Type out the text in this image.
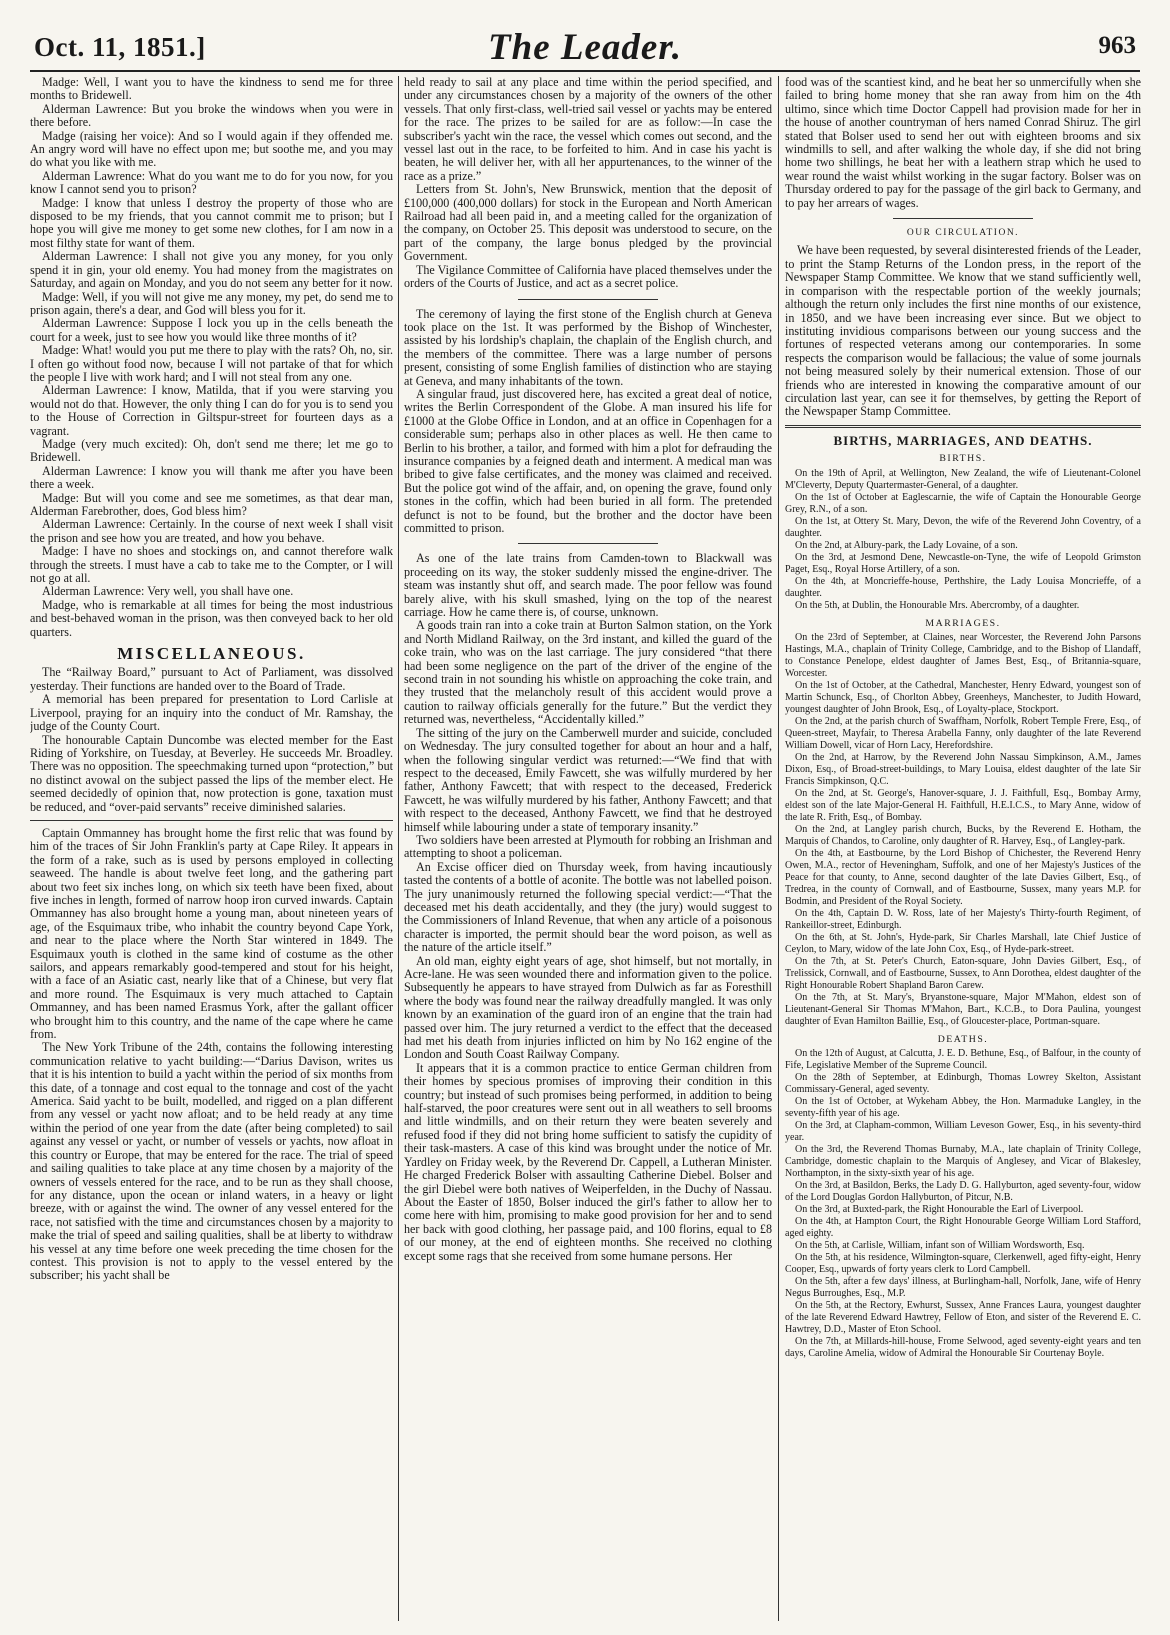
Oct. 11, 1851.]	The Leader.	963

Madge: Well, I want you to have the kindness to send me for three months to Bridewell.

Alderman Lawrence: But you broke the windows when you were in there before.

Madge (raising her voice): And so I would again if they offended me. An angry word will have no effect upon me; but soothe me, and you may do what you like with me.

Alderman Lawrence: What do you want me to do for you now, for you know I cannot send you to prison?

Madge: I know that unless I destroy the property of those who are disposed to be my friends, that you cannot commit me to prison; but I hope you will give me money to get some new clothes, for I am now in a most filthy state for want of them.

Alderman Lawrence: I shall not give you any money, for you only spend it in gin, your old enemy. You had money from the magistrates on Saturday, and again on Monday, and you do not seem any better for it now.

Madge: Well, if you will not give me any money, my pet, do send me to prison again, there's a dear, and God will bless you for it.

Alderman Lawrence: Suppose I lock you up in the cells beneath the court for a week, just to see how you would like three months of it?

Madge: What! would you put me there to play with the rats? Oh, no, sir. I often go without food now, because I will not partake of that for which the people I live with work hard; and I will not steal from any one.

Alderman Lawrence: I know, Matilda, that if you were starving you would not do that. However, the only thing I can do for you is to send you to the House of Correction in Giltspur-street for fourteen days as a vagrant.

Madge (very much excited): Oh, don't send me there; let me go to Bridewell.

Alderman Lawrence: I know you will thank me after you have been there a week.

Madge: But will you come and see me sometimes, as that dear man, Alderman Farebrother, does, God bless him?

Alderman Lawrence: Certainly. In the course of next week I shall visit the prison and see how you are treated, and how you behave.

Madge: I have no shoes and stockings on, and cannot therefore walk through the streets. I must have a cab to take me to the Compter, or I will not go at all.

Alderman Lawrence: Very well, you shall have one.

Madge, who is remarkable at all times for being the most industrious and best-behaved woman in the prison, was then conveyed back to her old quarters.

MISCELLANEOUS.

The “Railway Board,” pursuant to Act of Parliament, was dissolved yesterday. Their functions are handed over to the Board of Trade.

A memorial has been prepared for presentation to Lord Carlisle at Liverpool, praying for an inquiry into the conduct of Mr. Ramshay, the judge of the County Court.

The honourable Captain Duncombe was elected member for the East Riding of Yorkshire, on Tuesday, at Beverley. He succeeds Mr. Broadley. There was no opposition. The speechmaking turned upon “protection,” but no distinct avowal on the subject passed the lips of the member elect. He seemed decidedly of opinion that, now protection is gone, taxation must be reduced, and “over-paid servants” receive diminished salaries.

Captain Ommanney has brought home the first relic that was found by him of the traces of Sir John Franklin's party at Cape Riley. It appears in the form of a rake, such as is used by persons employed in collecting seaweed. The handle is about twelve feet long, and the gathering part about two feet six inches long, on which six teeth have been fixed, about five inches in length, formed of narrow hoop iron curved inwards. Captain Ommanney has also brought home a young man, about nineteen years of age, of the Esquimaux tribe, who inhabit the country beyond Cape York, and near to the place where the North Star wintered in 1849. The Esquimaux youth is clothed in the same kind of costume as the other sailors, and appears remarkably good-tempered and stout for his height, with a face of an Asiatic cast, nearly like that of a Chinese, but very flat and more round. The Esquimaux is very much attached to Captain Ommanney, and has been named Erasmus York, after the gallant officer who brought him to this country, and the name of the cape where he came from.

The New York Tribune of the 24th, contains the following interesting communication relative to yacht building:—“Darius Davison, writes us that it is his intention to build a yacht within the period of six months from this date, of a tonnage and cost equal to the tonnage and cost of the yacht America. Said yacht to be built, modelled, and rigged on a plan different from any vessel or yacht now afloat; and to be held ready at any time within the period of one year from the date (after being completed) to sail against any vessel or yacht, or number of vessels or yachts, now afloat in this country or Europe, that may be entered for the race. The trial of speed and sailing qualities to take place at any time chosen by a majority of the owners of vessels entered for the race, and to be run as they shall choose, for any distance, upon the ocean or inland waters, in a heavy or light breeze, with or against the wind. The owner of any vessel entered for the race, not satisfied with the time and circumstances chosen by a majority to make the trial of speed and sailing qualities, shall be at liberty to withdraw his vessel at any time before one week preceding the time chosen for the contest. This provision is not to apply to the vessel entered by the subscriber; his yacht shall be

held ready to sail at any place and time within the period specified, and under any circumstances chosen by a majority of the owners of the other vessels. That only first-class, well-tried sail vessel or yachts may be entered for the race. The prizes to be sailed for are as follow:—In case the subscriber's yacht win the race, the vessel which comes out second, and the vessel last out in the race, to be forfeited to him. And in case his yacht is beaten, he will deliver her, with all her appurtenances, to the winner of the race as a prize.”

Letters from St. John's, New Brunswick, mention that the deposit of £100,000 (400,000 dollars) for stock in the European and North American Railroad had all been paid in, and a meeting called for the organization of the company, on October 25. This deposit was understood to secure, on the part of the company, the large bonus pledged by the provincial Government.

The Vigilance Committee of California have placed themselves under the orders of the Courts of Justice, and act as a secret police.

The ceremony of laying the first stone of the English church at Geneva took place on the 1st. It was performed by the Bishop of Winchester, assisted by his lordship's chaplain, the chaplain of the English church, and the members of the committee. There was a large number of persons present, consisting of some English families of distinction who are staying at Geneva, and many inhabitants of the town.

A singular fraud, just discovered here, has excited a great deal of notice, writes the Berlin Correspondent of the Globe. A man insured his life for £1000 at the Globe Office in London, and at an office in Copenhagen for a considerable sum; perhaps also in other places as well. He then came to Berlin to his brother, a tailor, and formed with him a plot for defrauding the insurance companies by a feigned death and interment. A medical man was bribed to give false certificates, and the money was claimed and received. But the police got wind of the affair, and, on opening the grave, found only stones in the coffin, which had been buried in all form. The pretended defunct is not to be found, but the brother and the doctor have been committed to prison.

As one of the late trains from Camden-town to Blackwall was proceeding on its way, the stoker suddenly missed the engine-driver. The steam was instantly shut off, and search made. The poor fellow was found barely alive, with his skull smashed, lying on the top of the nearest carriage. How he came there is, of course, unknown.

A goods train ran into a coke train at Burton Salmon station, on the York and North Midland Railway, on the 3rd instant, and killed the guard of the coke train, who was on the last carriage. The jury considered “that there had been some negligence on the part of the driver of the engine of the second train in not sounding his whistle on approaching the coke train, and they trusted that the melancholy result of this accident would prove a caution to railway officials generally for the future.” But the verdict they returned was, nevertheless, “Accidentally killed.”

The sitting of the jury on the Camberwell murder and suicide, concluded on Wednesday. The jury consulted together for about an hour and a half, when the following singular verdict was returned:—“We find that with respect to the deceased, Emily Fawcett, she was wilfully murdered by her father, Anthony Fawcett; that with respect to the deceased, Frederick Fawcett, he was wilfully murdered by his father, Anthony Fawcett; and that with respect to the deceased, Anthony Fawcett, we find that he destroyed himself while labouring under a state of temporary insanity.”

Two soldiers have been arrested at Plymouth for robbing an Irishman and attempting to shoot a policeman.

An Excise officer died on Thursday week, from having incautiously tasted the contents of a bottle of aconite. The bottle was not labelled poison. The jury unanimously returned the following special verdict:—“That the deceased met his death accidentally, and they (the jury) would suggest to the Commissioners of Inland Revenue, that when any article of a poisonous character is imported, the permit should bear the word poison, as well as the nature of the article itself.”

An old man, eighty eight years of age, shot himself, but not mortally, in Acre-lane. He was seen wounded there and information given to the police. Subsequently he appears to have strayed from Dulwich as far as Foresthill where the body was found near the railway dreadfully mangled. It was only known by an examination of the guard iron of an engine that the train had passed over him. The jury returned a verdict to the effect that the deceased had met his death from injuries inflicted on him by No 162 engine of the London and South Coast Railway Company.

It appears that it is a common practice to entice German children from their homes by specious promises of improving their condition in this country; but instead of such promises being performed, in addition to being half-starved, the poor creatures were sent out in all weathers to sell brooms and little windmills, and on their return they were beaten severely and refused food if they did not bring home sufficient to satisfy the cupidity of their task-masters. A case of this kind was brought under the notice of Mr. Yardley on Friday week, by the Reverend Dr. Cappell, a Lutheran Minister. He charged Frederick Bolser with assaulting Catherine Diebel. Bolser and the girl Diebel were both natives of Weiperfelden, in the Duchy of Nassau. About the Easter of 1850, Bolser induced the girl's father to allow her to come here with him, promising to make good provision for her and to send her back with good clothing, her passage paid, and 100 florins, equal to £8 of our money, at the end of eighteen months. She received no clothing except some rags that she received from some humane persons. Her

food was of the scantiest kind, and he beat her so unmercifully when she failed to bring home money that she ran away from him on the 4th ultimo, since which time Doctor Cappell had provision made for her in the house of another countryman of hers named Conrad Shiruz. The girl stated that Bolser used to send her out with eighteen brooms and six windmills to sell, and after walking the whole day, if she did not bring home two shillings, he beat her with a leathern strap which he used to wear round the waist whilst working in the sugar factory. Bolser was on Thursday ordered to pay for the passage of the girl back to Germany, and to pay her arrears of wages.

OUR CIRCULATION.

We have been requested, by several disinterested friends of the Leader, to print the Stamp Returns of the London press, in the report of the Newspaper Stamp Committee. We know that we stand sufficiently well, in comparison with the respectable portion of the weekly journals; although the return only includes the first nine months of our existence, in 1850, and we have been increasing ever since. But we object to instituting invidious comparisons between our young success and the fortunes of respected veterans among our contemporaries. In some respects the comparison would be fallacious; the value of some journals not being measured solely by their numerical extension. Those of our friends who are interested in knowing the comparative amount of our circulation last year, can see it for themselves, by getting the Report of the Newspaper Stamp Committee.

BIRTHS, MARRIAGES, AND DEATHS.
BIRTHS.

On the 19th of April, at Wellington, New Zealand, the wife of Lieutenant-Colonel M'Cleverty, Deputy Quartermaster-General, of a daughter.

On the 1st of October at Eaglescarnie, the wife of Captain the Honourable George Grey, R.N., of a son.

On the 1st, at Ottery St. Mary, Devon, the wife of the Reverend John Coventry, of a daughter.

On the 2nd, at Albury-park, the Lady Lovaine, of a son.

On the 3rd, at Jesmond Dene, Newcastle-on-Tyne, the wife of Leopold Grimston Paget, Esq., Royal Horse Artillery, of a son.

On the 4th, at Moncrieffe-house, Perthshire, the Lady Louisa Moncrieffe, of a daughter.

On the 5th, at Dublin, the Honourable Mrs. Abercromby, of a daughter.

MARRIAGES.

On the 23rd of September, at Claines, near Worcester, the Reverend John Parsons Hastings, M.A., chaplain of Trinity College, Cambridge, and to the Bishop of Llandaff, to Constance Penelope, eldest daughter of James Best, Esq., of Britannia-square, Worcester.

On the 1st of October, at the Cathedral, Manchester, Henry Edward, youngest son of Martin Schunck, Esq., of Chorlton Abbey, Greenheys, Manchester, to Judith Howard, youngest daughter of John Brook, Esq., of Loyalty-place, Stockport.

On the 2nd, at the parish church of Swaffham, Norfolk, Robert Temple Frere, Esq., of Queen-street, Mayfair, to Theresa Arabella Fanny, only daughter of the late Reverend William Dowell, vicar of Horn Lacy, Herefordshire.

On the 2nd, at Harrow, by the Reverend John Nassau Simpkinson, A.M., James Dixon, Esq., of Broad-street-buildings, to Mary Louisa, eldest daughter of the late Sir Francis Simpkinson, Q.C.

On the 2nd, at St. George's, Hanover-square, J. J. Faithfull, Esq., Bombay Army, eldest son of the late Major-General H. Faithfull, H.E.I.C.S., to Mary Anne, widow of the late R. Frith, Esq., of Bombay.

On the 2nd, at Langley parish church, Bucks, by the Reverend E. Hotham, the Marquis of Chandos, to Caroline, only daughter of R. Harvey, Esq., of Langley-park.

On the 4th, at Eastbourne, by the Lord Bishop of Chichester, the Reverend Henry Owen, M.A., rector of Heveningham, Suffolk, and one of her Majesty's Justices of the Peace for that county, to Anne, second daughter of the late Davies Gilbert, Esq., of Tredrea, in the county of Cornwall, and of Eastbourne, Sussex, many years M.P. for Bodmin, and President of the Royal Society.

On the 4th, Captain D. W. Ross, late of her Majesty's Thirty-fourth Regiment, of Rankeillor-street, Edinburgh.

On the 6th, at St. John's, Hyde-park, Sir Charles Marshall, late Chief Justice of Ceylon, to Mary, widow of the late John Cox, Esq., of Hyde-park-street.

On the 7th, at St. Peter's Church, Eaton-square, John Davies Gilbert, Esq., of Trelissick, Cornwall, and of Eastbourne, Sussex, to Ann Dorothea, eldest daughter of the Right Honourable Robert Shapland Baron Carew.

On the 7th, at St. Mary's, Bryanstone-square, Major M'Mahon, eldest son of Lieutenant-General Sir Thomas M'Mahon, Bart., K.C.B., to Dora Paulina, youngest daughter of Evan Hamilton Baillie, Esq., of Gloucester-place, Portman-square.

DEATHS.

On the 12th of August, at Calcutta, J. E. D. Bethune, Esq., of Balfour, in the county of Fife, Legislative Member of the Supreme Council.

On the 28th of September, at Edinburgh, Thomas Lowrey Skelton, Assistant Commissary-General, aged seventy.

On the 1st of October, at Wykeham Abbey, the Hon. Marmaduke Langley, in the seventy-fifth year of his age.

On the 3rd, at Clapham-common, William Leveson Gower, Esq., in his seventy-third year.

On the 3rd, the Reverend Thomas Burnaby, M.A., late chaplain of Trinity College, Cambridge, domestic chaplain to the Marquis of Anglesey, and Vicar of Blakesley, Northampton, in the sixty-sixth year of his age.

On the 3rd, at Basildon, Berks, the Lady D. G. Hallyburton, aged seventy-four, widow of the Lord Douglas Gordon Hallyburton, of Pitcur, N.B.

On the 3rd, at Buxted-park, the Right Honourable the Earl of Liverpool.

On the 4th, at Hampton Court, the Right Honourable George William Lord Stafford, aged eighty.

On the 5th, at Carlisle, William, infant son of William Wordsworth, Esq.

On the 5th, at his residence, Wilmington-square, Clerkenwell, aged fifty-eight, Henry Cooper, Esq., upwards of forty years clerk to Lord Campbell.

On the 5th, after a few days' illness, at Burlingham-hall, Norfolk, Jane, wife of Henry Negus Burroughes, Esq., M.P.

On the 5th, at the Rectory, Ewhurst, Sussex, Anne Frances Laura, youngest daughter of the late Reverend Edward Hawtrey, Fellow of Eton, and sister of the Reverend E. C. Hawtrey, D.D., Master of Eton School.

On the 7th, at Millards-hill-house, Frome Selwood, aged seventy-eight years and ten days, Caroline Amelia, widow of Admiral the Honourable Sir Courtenay Boyle.
